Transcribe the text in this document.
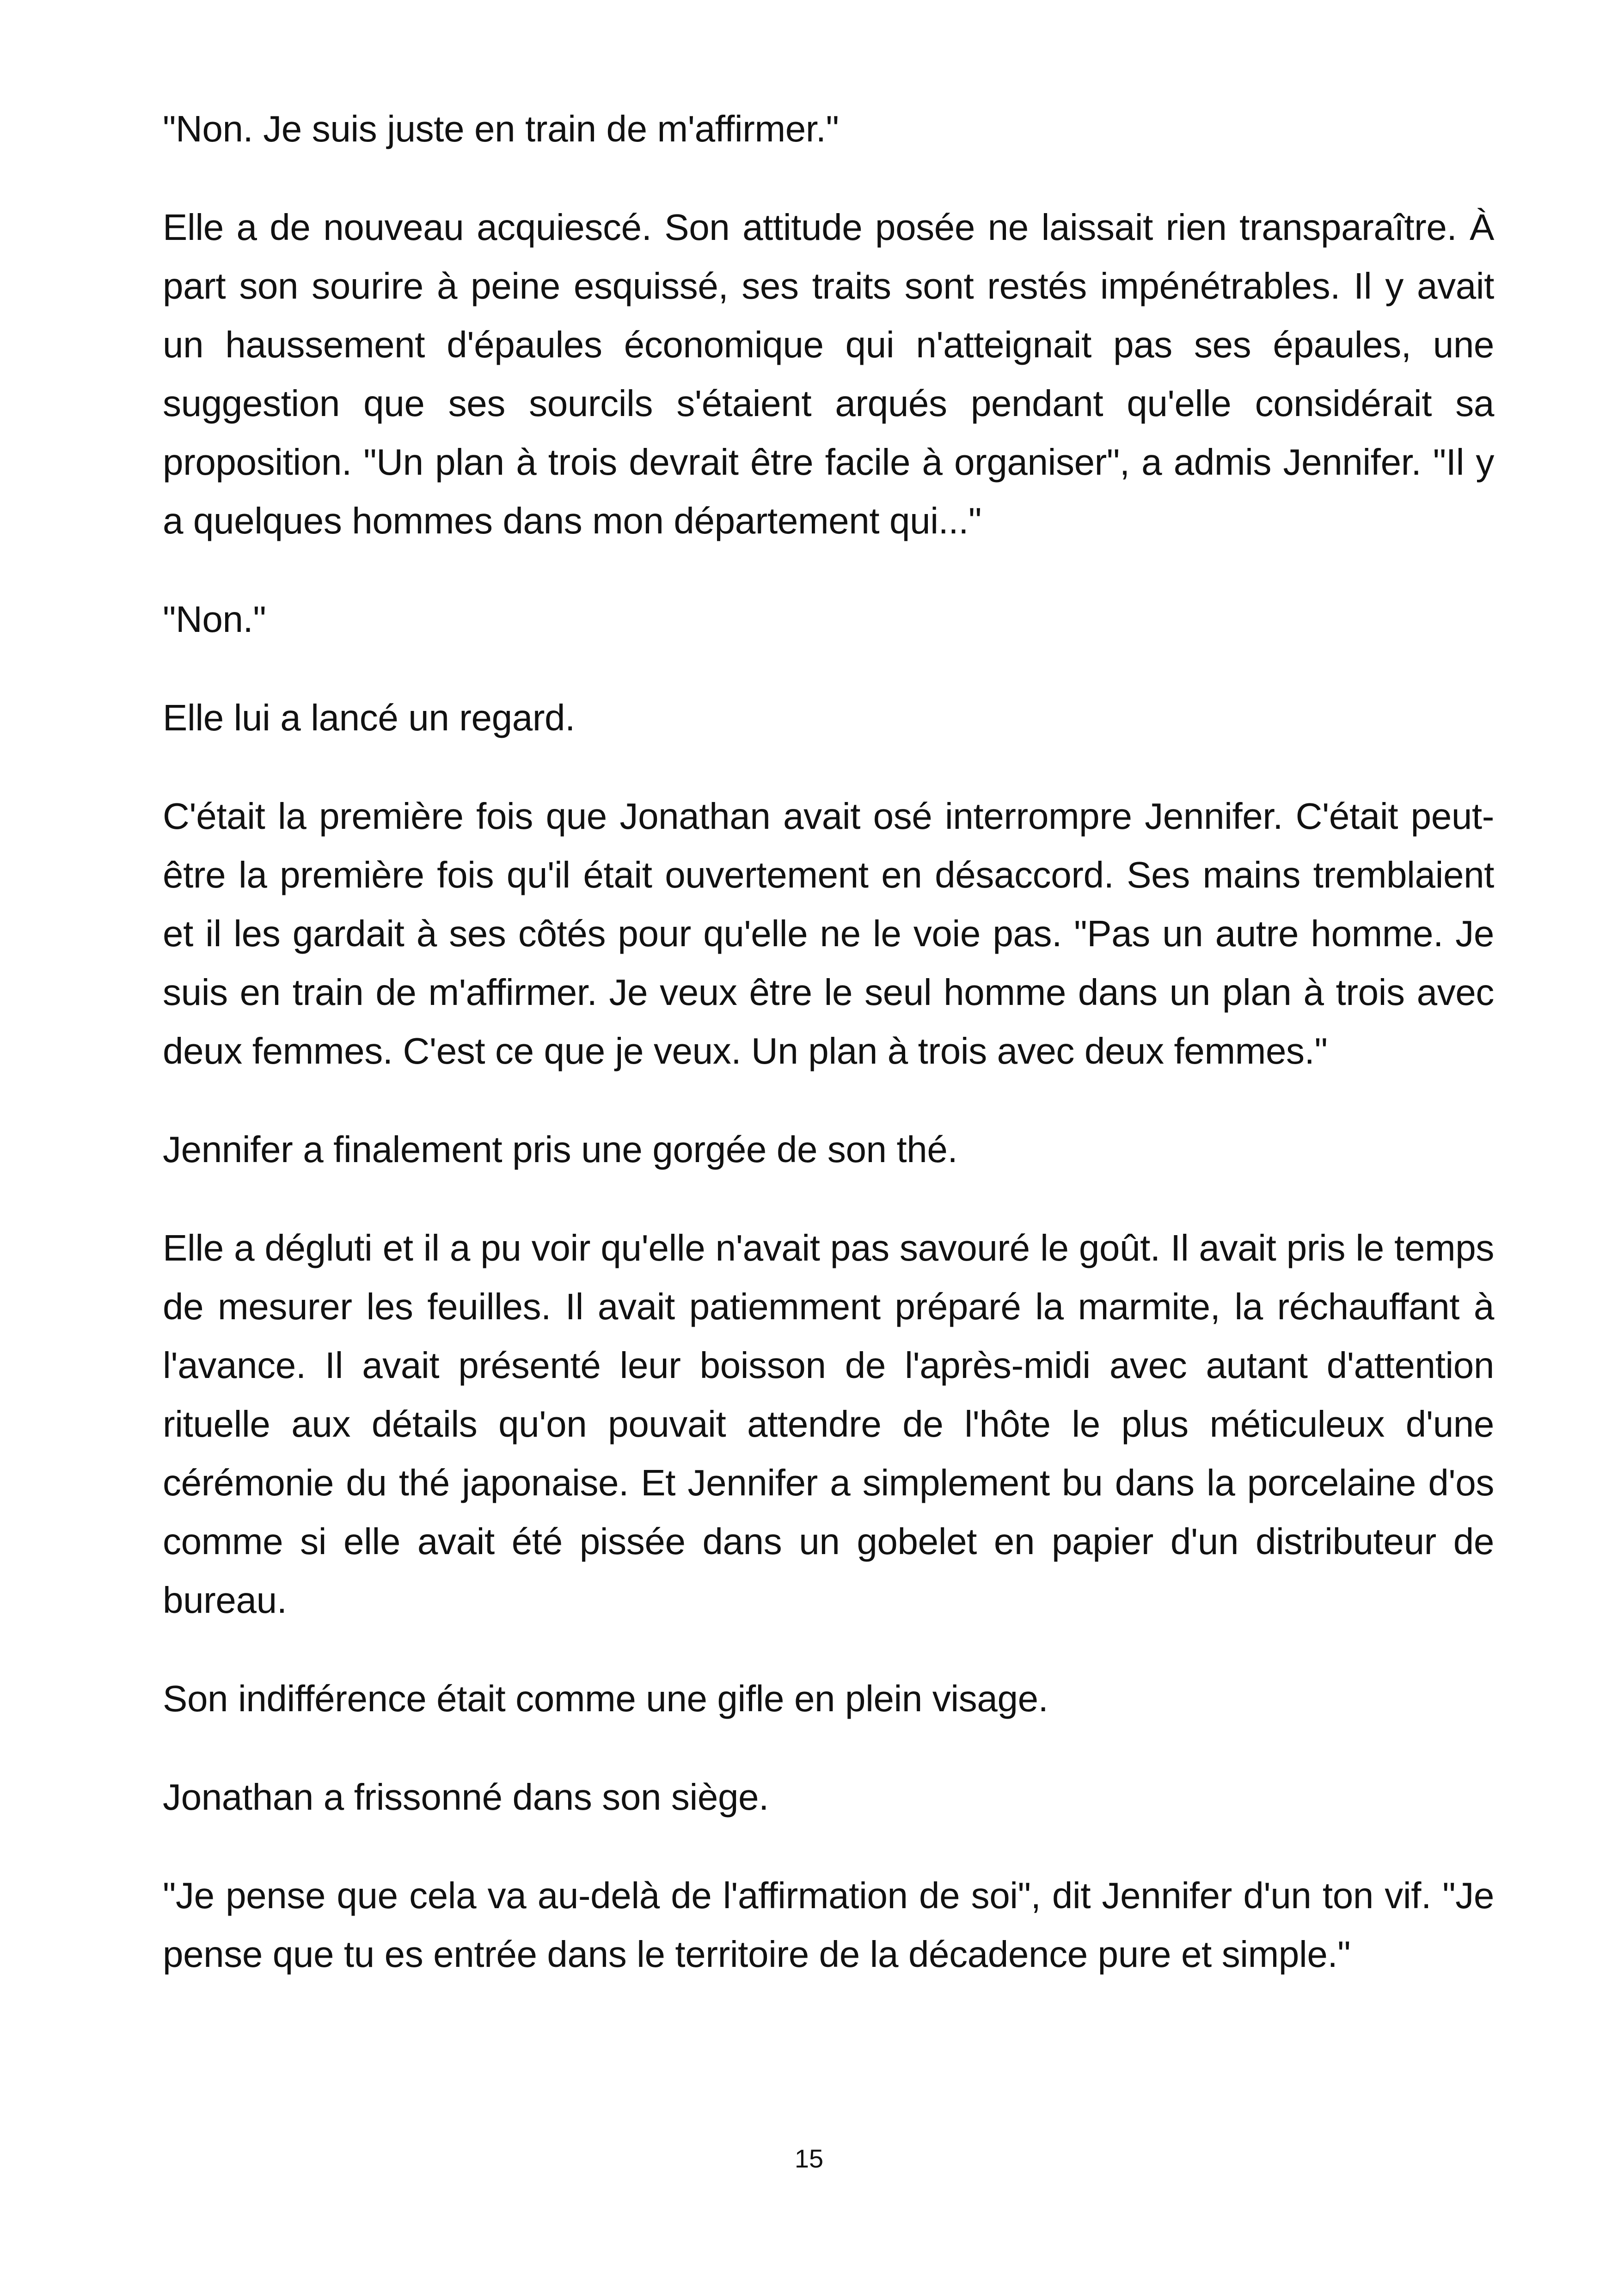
"Non. Je suis juste en train de m'affirmer."

Elle a de nouveau acquiescé. Son attitude posée ne laissait rien transparaître. À part son sourire à peine esquissé, ses traits sont restés impénétrables. Il y avait un haussement d'épaules économique qui n'atteignait pas ses épaules, une suggestion que ses sourcils s'étaient arqués pendant qu'elle considérait sa proposition. "Un plan à trois devrait être facile à organiser", a admis Jennifer. "Il y a quelques hommes dans mon département qui..."

"Non."

Elle lui a lancé un regard.

C'était la première fois que Jonathan avait osé interrompre Jennifer. C'était peut-être la première fois qu'il était ouvertement en désaccord. Ses mains tremblaient et il les gardait à ses côtés pour qu'elle ne le voie pas. "Pas un autre homme. Je suis en train de m'affirmer. Je veux être le seul homme dans un plan à trois avec deux femmes. C'est ce que je veux. Un plan à trois avec deux femmes."

Jennifer a finalement pris une gorgée de son thé.

Elle a dégluti et il a pu voir qu'elle n'avait pas savouré le goût. Il avait pris le temps de mesurer les feuilles. Il avait patiemment préparé la marmite, la réchauffant à l'avance. Il avait présenté leur boisson de l'après-midi avec autant d'attention rituelle aux détails qu'on pouvait attendre de l'hôte le plus méticuleux d'une cérémonie du thé japonaise. Et Jennifer a simplement bu dans la porcelaine d'os comme si elle avait été pissée dans un gobelet en papier d'un distributeur de bureau.

Son indifférence était comme une gifle en plein visage.

Jonathan a frissonné dans son siège.

"Je pense que cela va au-delà de l'affirmation de soi", dit Jennifer d'un ton vif. "Je pense que tu es entrée dans le territoire de la décadence pure et simple."

15
